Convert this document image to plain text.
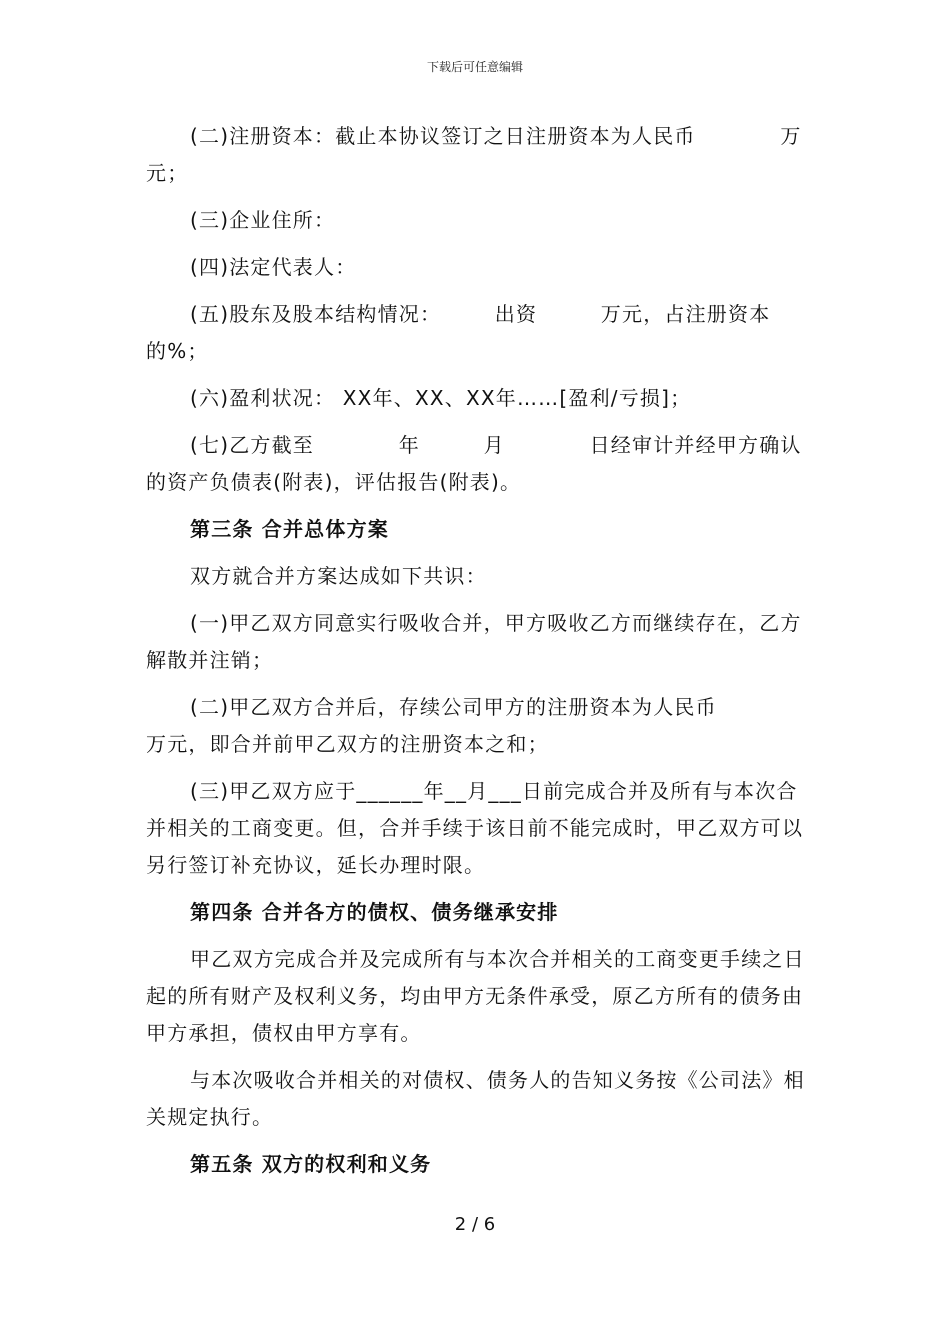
下载后可任意编辑

(二)注册资本：截止本协议签订之日注册资本为人民币　　　　万元；

(三)企业住所：

(四)法定代表人：

(五)股东及股本结构情况：　　　出资　　　万元，占注册资本的%；

(六)盈利状况： XX年、XX、XX年……[盈利/亏损]；

(七)乙方截至　　　　年　　　月　　　　日经审计并经甲方确认的资产负债表(附表)，评估报告(附表)。

第三条 合并总体方案

双方就合并方案达成如下共识：

(一)甲乙双方同意实行吸收合并，甲方吸收乙方而继续存在，乙方解散并注销；

(二)甲乙双方合并后，存续公司甲方的注册资本为人民币　　　　万元，即合并前甲乙双方的注册资本之和；

(三)甲乙双方应于______年__月___日前完成合并及所有与本次合并相关的工商变更。但，合并手续于该日前不能完成时，甲乙双方可以另行签订补充协议，延长办理时限。

第四条 合并各方的债权、债务继承安排

甲乙双方完成合并及完成所有与本次合并相关的工商变更手续之日起的所有财产及权利义务，均由甲方无条件承受，原乙方所有的债务由甲方承担，债权由甲方享有。

与本次吸收合并相关的对债权、债务人的告知义务按《公司法》相关规定执行。

第五条 双方的权利和义务

2 / 6
